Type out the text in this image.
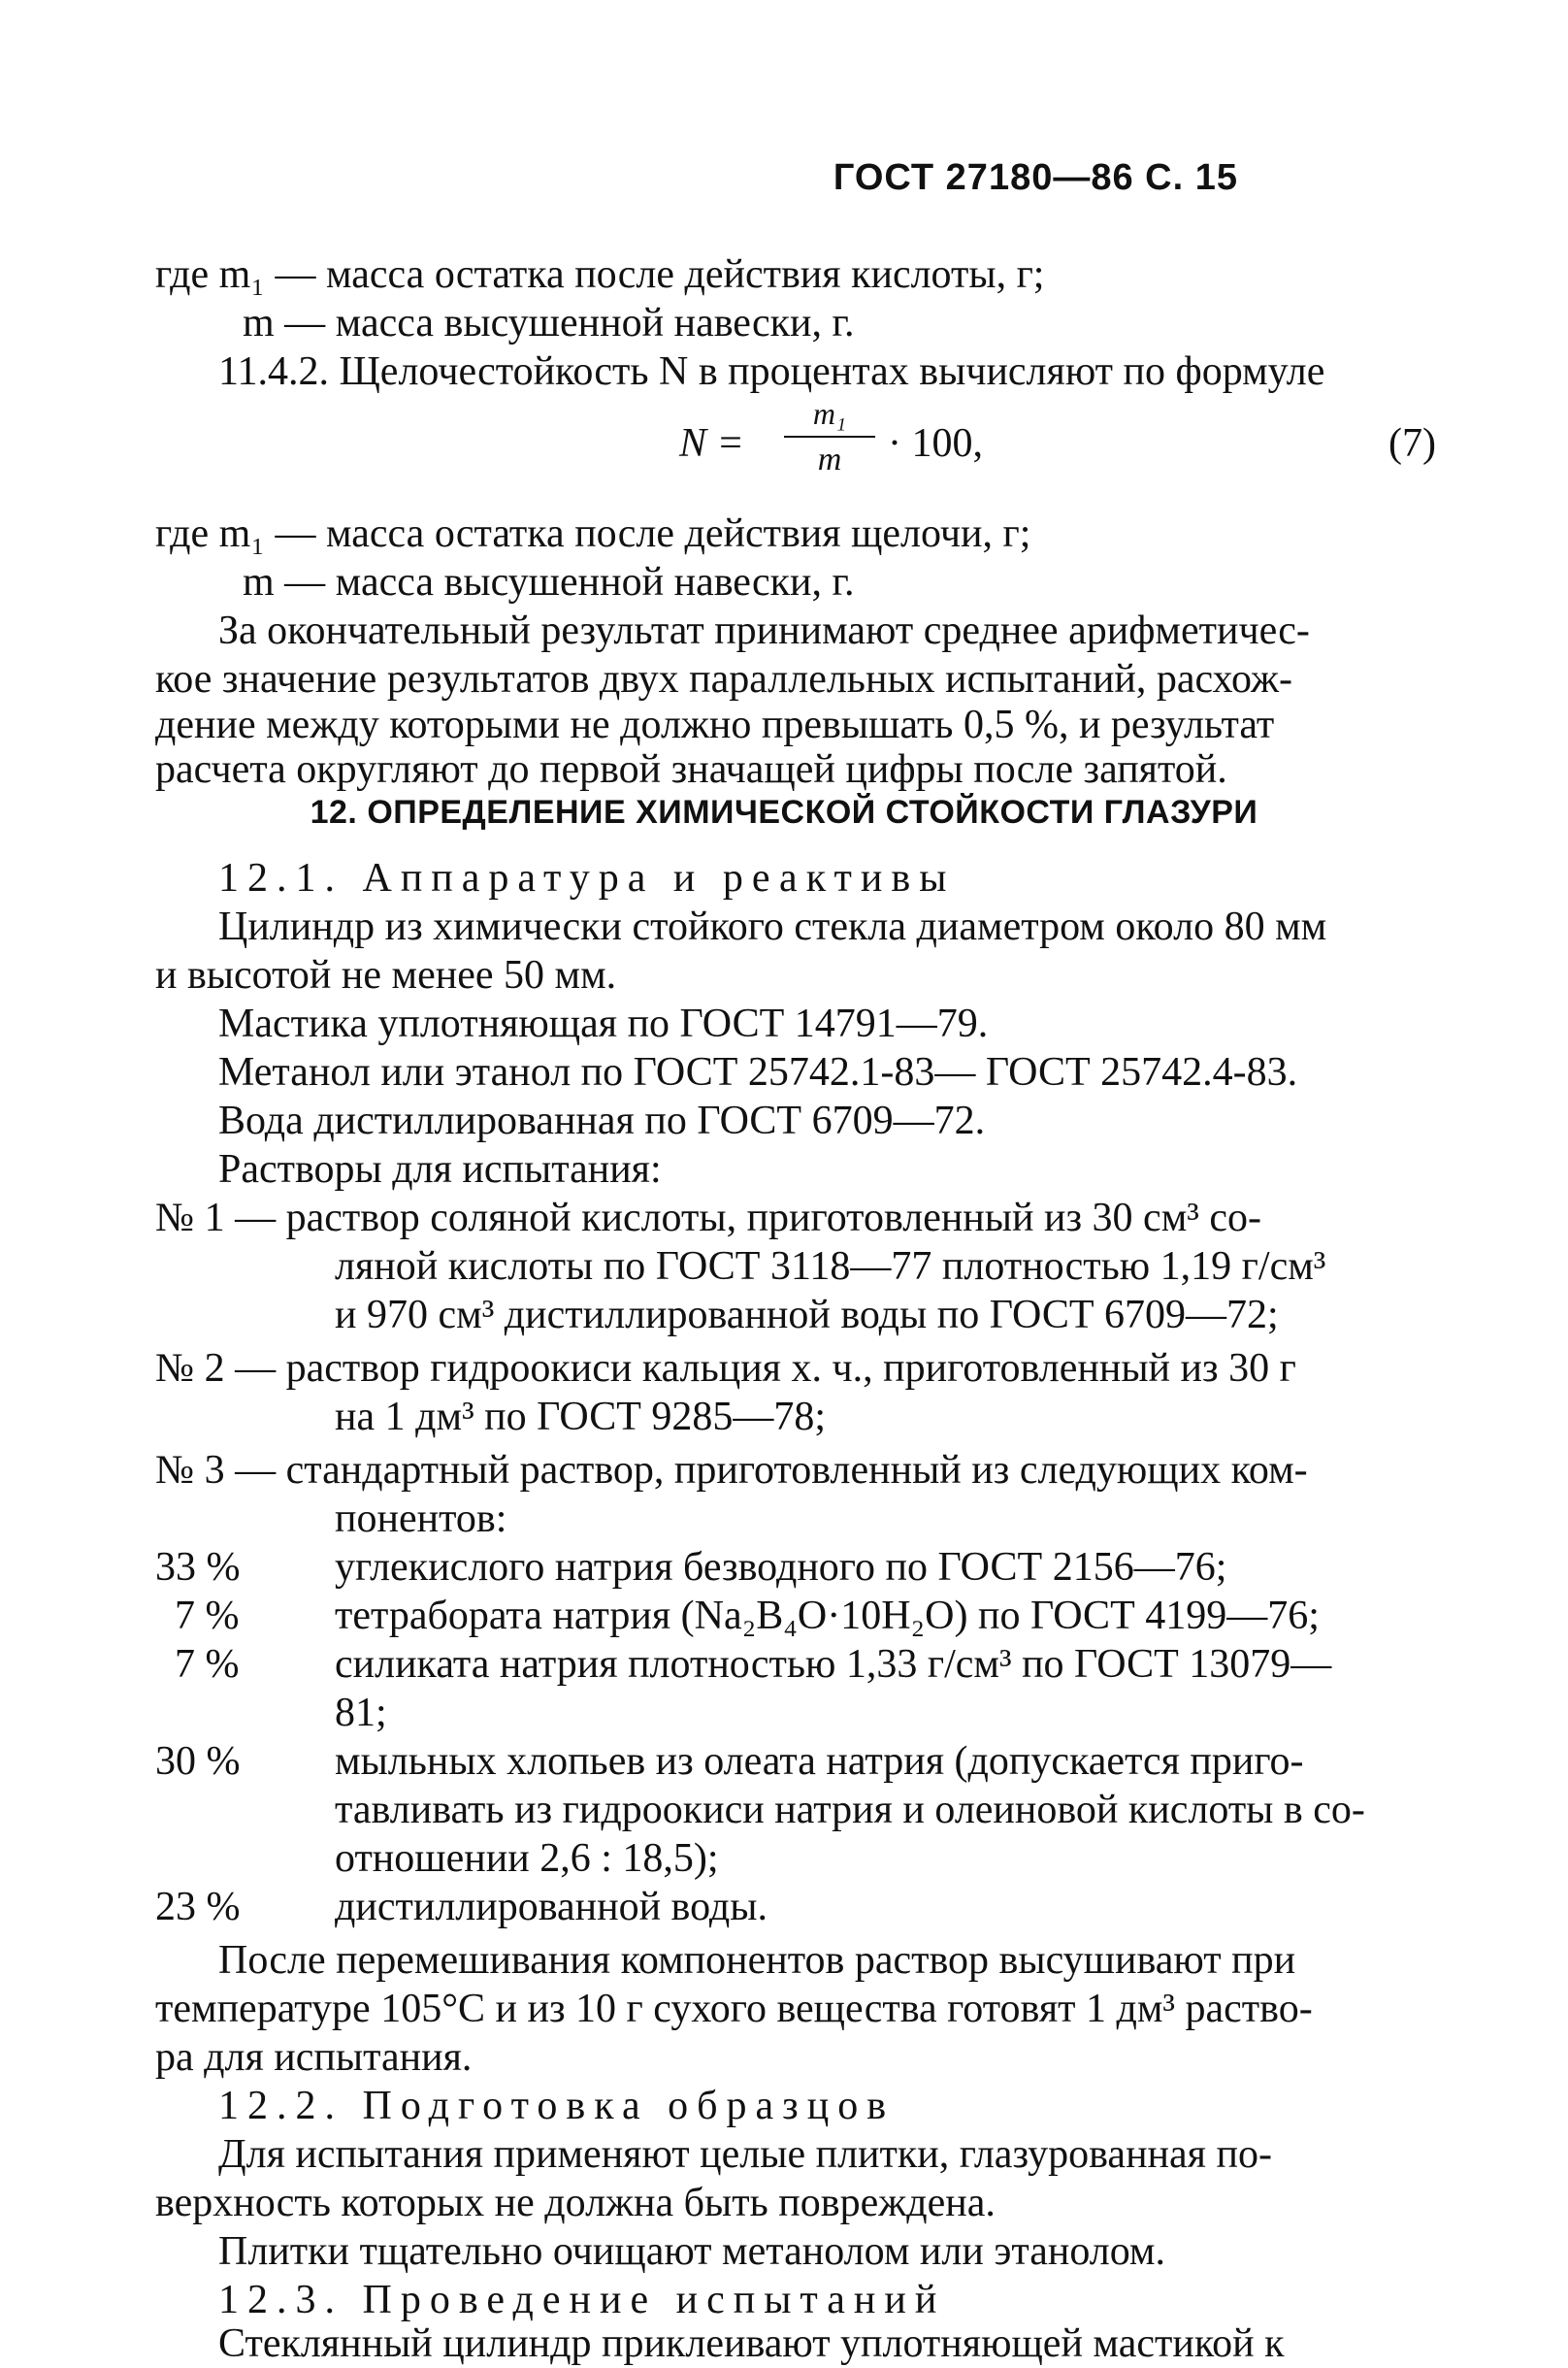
ГОСТ 27180—86 С. 15
где m₁ — масса остатка после действия кислоты, г;
m — масса высушенной навески, г.
11.4.2. Щелочестойкость N в процентах вычисляют по формуле
N =
m₁
m	· 100,	(7)
где m₁ — масса остатка после действия щелочи, г;
m — масса высушенной навески, г.
За окончательный результат принимают среднее арифметичес-
кое значение результатов двух параллельных испытаний, расхож-
дение между которыми не должно превышать 0,5 %, и результат
расчета округляют до первой значащей цифры после запятой.
12. ОПРЕДЕЛЕНИЕ ХИМИЧЕСКОЙ СТОЙКОСТИ ГЛАЗУРИ
12.1. Аппаратура и реактивы
Цилиндр из химически стойкого стекла диаметром около 80 мм
и высотой не менее 50 мм.
Мастика уплотняющая по ГОСТ 14791—79.
Метанол или этанол по ГОСТ 25742.1-83— ГОСТ 25742.4-83.
Вода дистиллированная по ГОСТ 6709—72.
Растворы для испытания:
№ 1 — раствор соляной кислоты, приготовленный из 30 см³ со-
ляной кислоты по ГОСТ 3118—77 плотностью 1,19 г/см³
и 970 см³ дистиллированной воды по ГОСТ 6709—72;
№ 2 — раствор гидроокиси кальция х. ч., приготовленный из 30 г
на 1 дм³ по ГОСТ 9285—78;
№ 3 — стандартный раствор, приготовленный из следующих ком-
понентов:
33 % углекислого натрия безводного по ГОСТ 2156—76;
7 % тетрабората натрия (Na₂B₄O·10H₂O) по ГОСТ 4199—76;
7 % силиката натрия плотностью 1,33 г/см³ по ГОСТ 13079—
81;
30 % мыльных хлопьев из олеата натрия (допускается приго-
тавливать из гидроокиси натрия и олеиновой кислоты в со-
отношении 2,6 : 18,5);
23 % дистиллированной воды.
После перемешивания компонентов раствор высушивают при
температуре 105°С и из 10 г сухого вещества готовят 1 дм³ раство-
ра для испытания.
12.2. Подготовка образцов
Для испытания применяют целые плитки, глазурованная по-
верхность которых не должна быть повреждена.
Плитки тщательно очищают метанолом или этанолом.
12.3. Проведение испытаний
Стеклянный цилиндр приклеивают уплотняющей мастикой к
